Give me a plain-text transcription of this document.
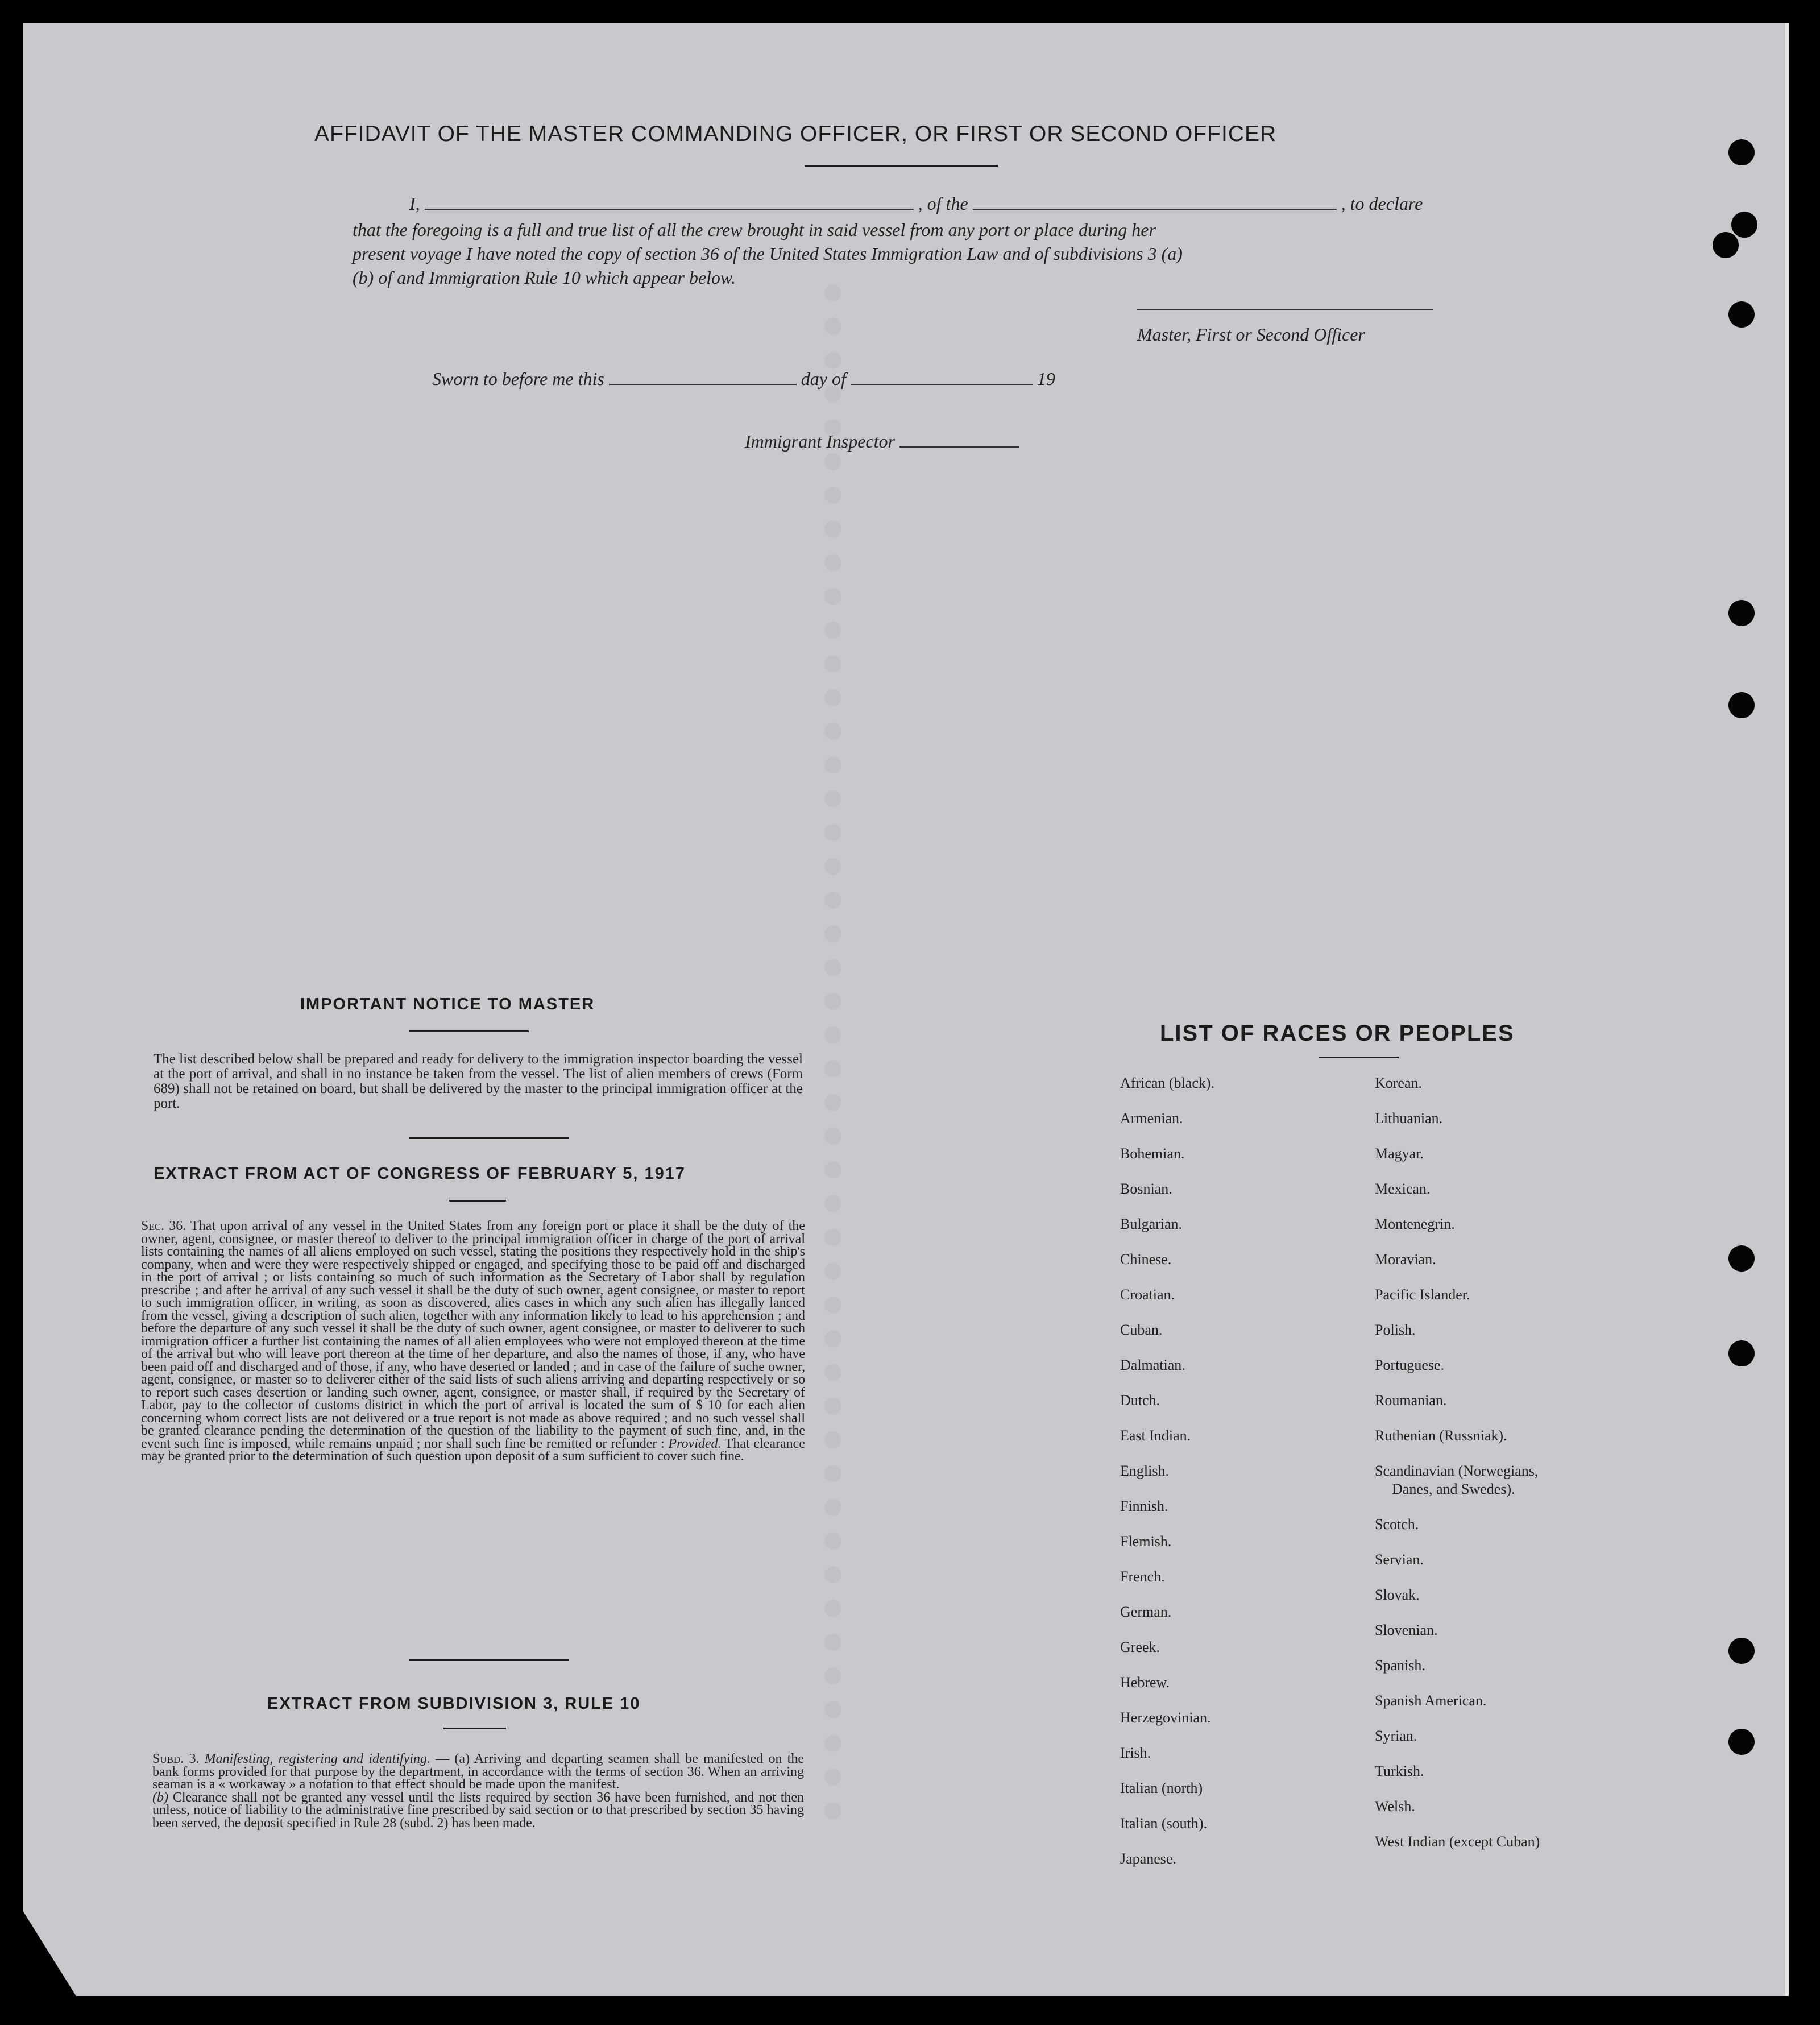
AFFIDAVIT OF THE MASTER COMMANDING OFFICER, OR FIRST OR SECOND OFFICER
I,	, of the	, to declare
that the foregoing is a full and true list of all the crew brought in said vessel from any port or place during her
present voyage I have noted the copy of section 36 of the United States Immigration Law and of subdivisions 3 (a)
(b) of and Immigration Rule 10 which appear below.
Master, First or Second Officer
Sworn to before me this	day of	19
Immigrant Inspector
IMPORTANT NOTICE TO MASTER
The list described below shall be prepared and ready for delivery to the immigration inspector boarding the vessel at the port of arrival, and shall in no instance be taken from the vessel. The list of alien members of crews (Form 689) shall not be retained on board, but shall be delivered by the master to the principal immigration officer at the port.
EXTRACT FROM ACT OF CONGRESS OF FEBRUARY 5, 1917
Sec. 36. That upon arrival of any vessel in the United States from any foreign port or place it shall be the duty of the owner, agent, consignee, or master thereof to deliver to the principal immigration officer in charge of the port of arrival lists containing the names of all aliens employed on such vessel, stating the positions they respectively hold in the ship's company, when and were they were respectively shipped or engaged, and specifying those to be paid off and discharged in the port of arrival ; or lists containing so much of such information as the Secretary of Labor shall by regulation prescribe ; and after he arrival of any such vessel it shall be the duty of such owner, agent consignee, or master to report to such immigration officer, in writing, as soon as discovered, alies cases in which any such alien has illegally lanced from the vessel, giving a description of such alien, together with any information likely to lead to his apprehension ; and before the departure of any such vessel it shall be the duty of such owner, agent consignee, or master to deliverer to such immigration officer a further list containing the names of all alien employees who were not employed thereon at the time of the arrival but who will leave port thereon at the time of her departure, and also the names of those, if any, who have been paid off and discharged and of those, if any, who have deserted or landed ; and in case of the failure of suche owner, agent, consignee, or master so to deliverer either of the said lists of such aliens arriving and departing respectively or so to report such cases desertion or landing such owner, agent, consignee, or master shall, if required by the Secretary of Labor, pay to the collector of customs district in which the port of arrival is located the sum of $ 10 for each alien concerning whom correct lists are not delivered or a true report is not made as above required ; and no such vessel shall be granted clearance pending the determination of the question of the liability to the payment of such fine, and, in the event such fine is imposed, while remains unpaid ; nor shall such fine be remitted or refunder : Provided. That clearance may be granted prior to the determination of such question upon deposit of a sum sufficient to cover such fine.
EXTRACT FROM SUBDIVISION 3, RULE 10
Subd. 3. Manifesting, registering and identifying. — (a) Arriving and departing seamen shall be manifested on the bank forms provided for that purpose by the department, in accordance with the terms of section 36. When an arriving seaman is a « workaway » a notation to that effect should be made upon the manifest.
(b) Clearance shall not be granted any vessel until the lists required by section 36 have been furnished, and not then unless, notice of liability to the administrative fine prescribed by said section or to that prescribed by section 35 having been served, the deposit specified in Rule 28 (subd. 2) has been made.
LIST OF RACES OR PEOPLES
African (black).
Armenian.
Bohemian.
Bosnian.
Bulgarian.
Chinese.
Croatian.
Cuban.
Dalmatian.
Dutch.
East Indian.
English.
Finnish.
Flemish.
French.
German.
Greek.
Hebrew.
Herzegovinian.
Irish.
Italian (north)
Italian (south).
Japanese.
Korean.
Lithuanian.
Magyar.
Mexican.
Montenegrin.
Moravian.
Pacific Islander.
Polish.
Portuguese.
Roumanian.
Ruthenian (Russniak).
Scandinavian (Norwegians,
Danes, and Swedes).
Scotch.
Servian.
Slovak.
Slovenian.
Spanish.
Spanish American.
Syrian.
Turkish.
Welsh.
West Indian (except Cuban)
